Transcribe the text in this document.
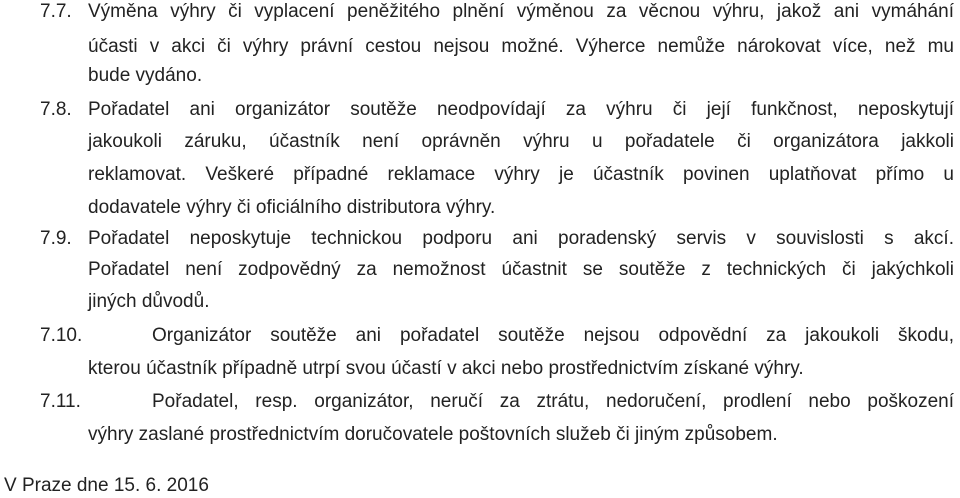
7.7. Výměna výhry či vyplacení peněžitého plnění výměnou za věcnou výhru, jakož ani vymáhání
účasti v akci či výhry právní cestou nejsou možné. Výherce nemůže nárokovat více, než mu
bude vydáno.
7.8. Pořadatel ani organizátor soutěže neodpovídají za výhru či její funkčnost, neposkytují
jakoukoli záruku, účastník není oprávněn výhru u pořadatele či organizátora jakkoli
reklamovat. Veškeré případné reklamace výhry je účastník povinen uplatňovat přímo u
dodavatele výhry či oficiálního distributora výhry.
7.9. Pořadatel neposkytuje technickou podporu ani poradenský servis v souvislosti s akcí.
Pořadatel není zodpovědný za nemožnost účastnit se soutěže z technických či jakýchkoli
jiných důvodů.
7.10.	Organizátor soutěže ani pořadatel soutěže nejsou odpovědní za jakoukoli škodu,
kterou účastník případně utrpí svou účastí v akci nebo prostřednictvím získané výhry.
7.11.	Pořadatel, resp. organizátor, neručí za ztrátu, nedoručení, prodlení nebo poškození
výhry zaslané prostřednictvím doručovatele poštovních služeb či jiným způsobem.
V Praze dne 15. 6. 2016
